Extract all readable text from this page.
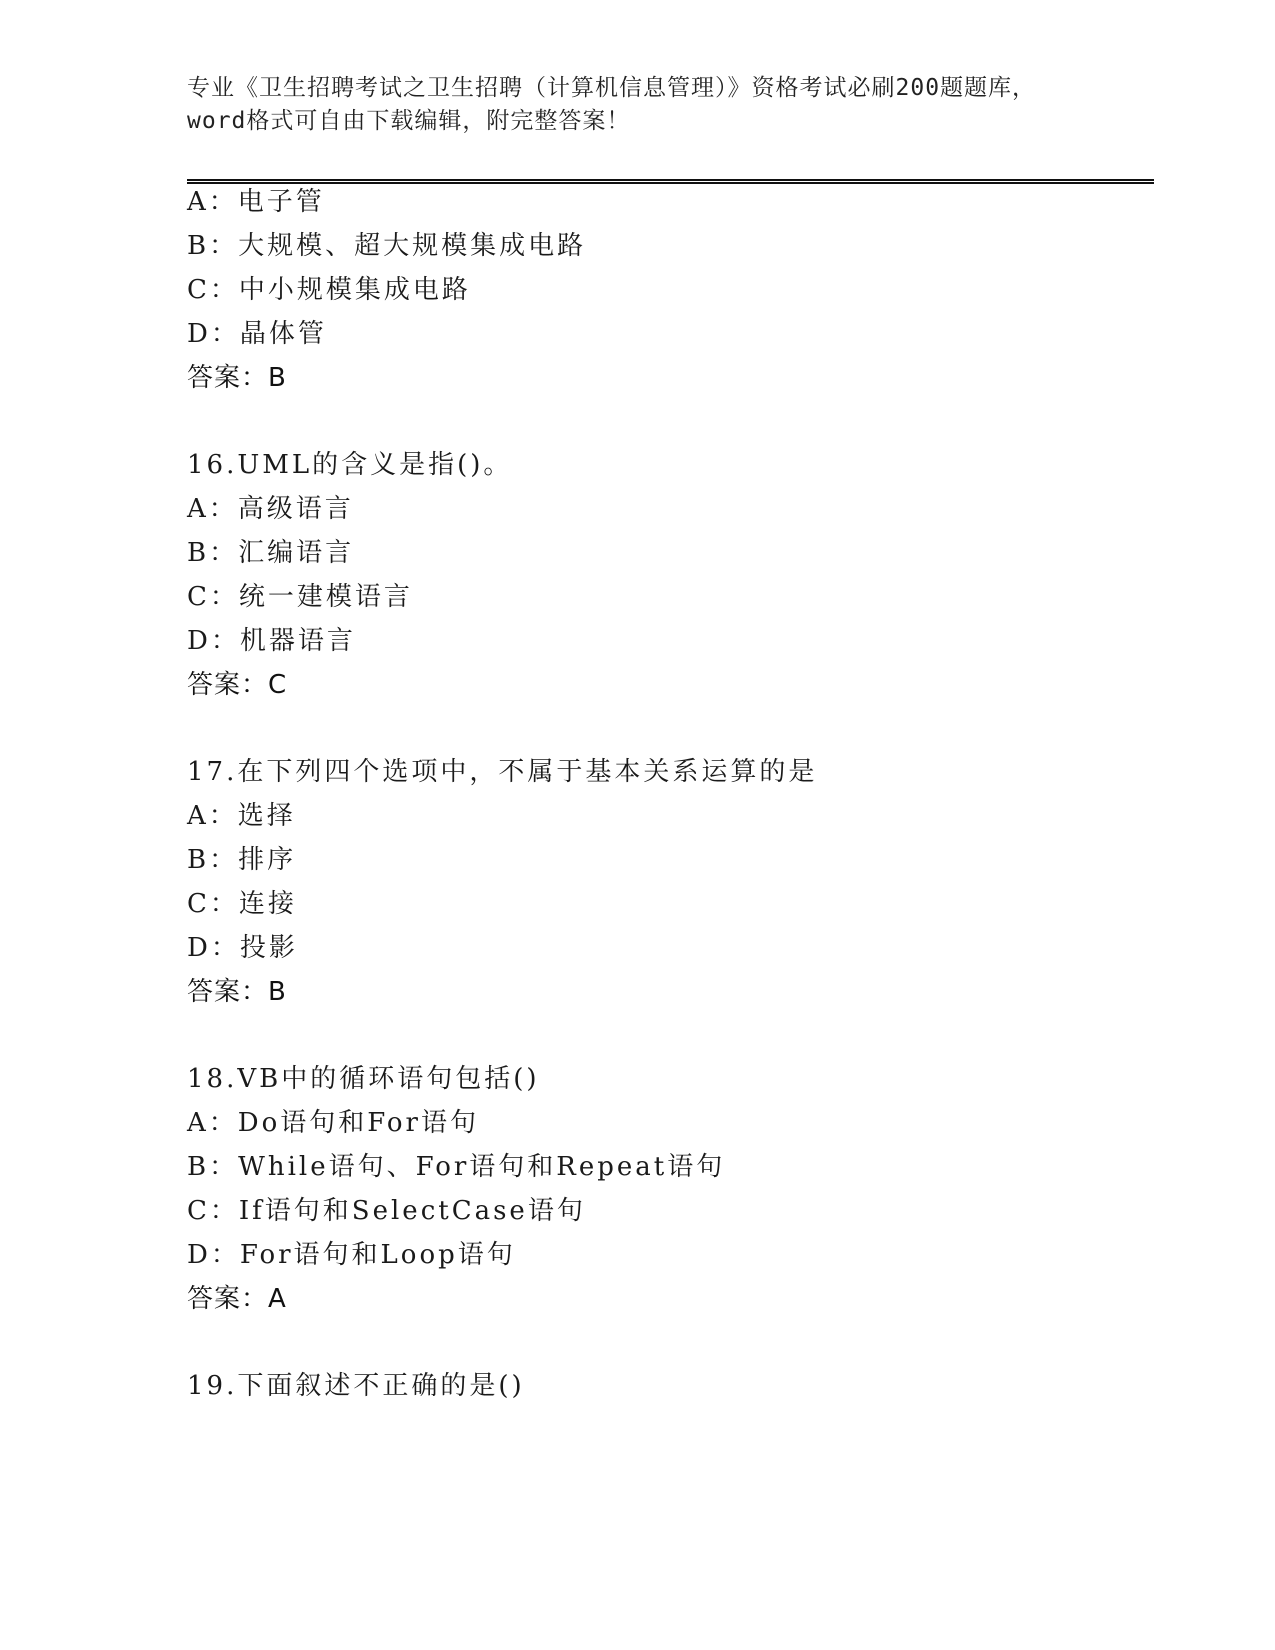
专业《卫生招聘考试之卫生招聘（计算机信息管理）》资格考试必刷200题题库，
word格式可自由下载编辑，附完整答案！
A：电子管
B：大规模、超大规模集成电路
C：中小规模集成电路
D：晶体管
答案：B
16.UML的含义是指()。
A：高级语言
B：汇编语言
C：统一建模语言
D：机器语言
答案：C
17.在下列四个选项中，不属于基本关系运算的是
A：选择
B：排序
C：连接
D：投影
答案：B
18.VB中的循环语句包括()
A：Do语句和For语句
B：While语句、For语句和Repeat语句
C：If语句和SelectCase语句
D：For语句和Loop语句
答案：A
19.下面叙述不正确的是()
